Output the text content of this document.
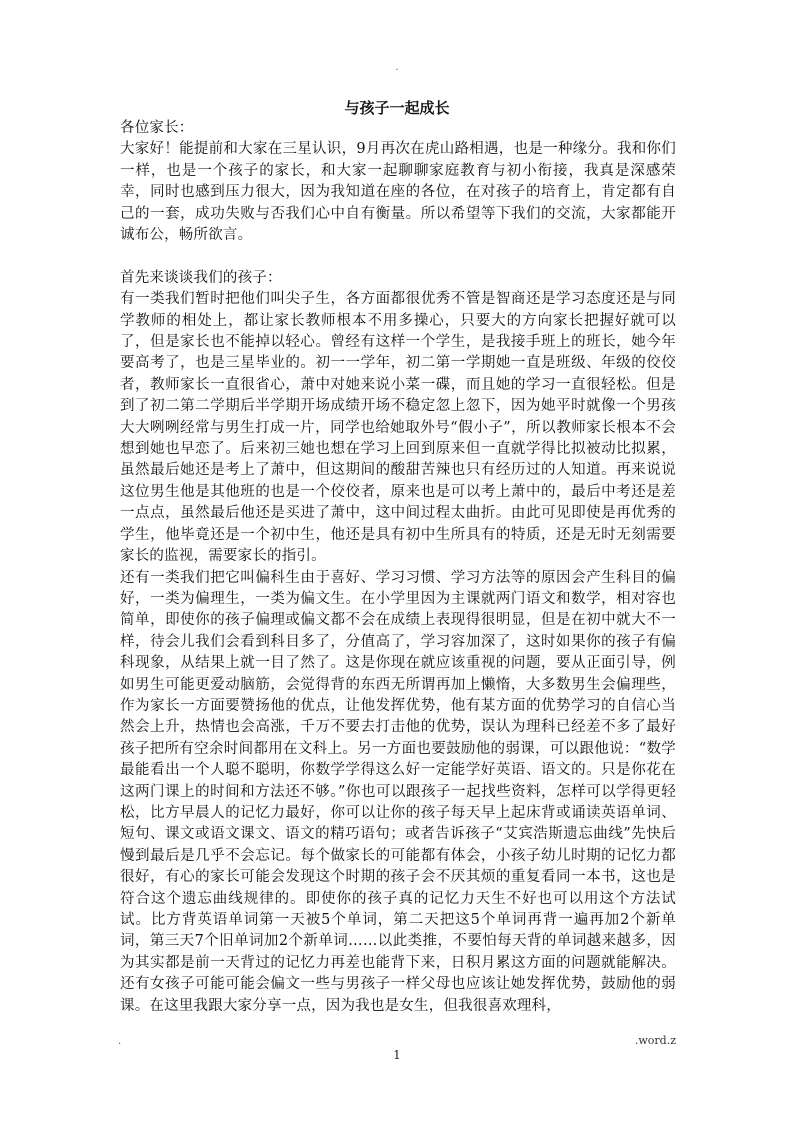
.
与孩子一起成长

各位家长：

大家好！能提前和大家在三星认识，9月再次在虎山路相遇，也是一种缘分。我和你们一样，也是一个孩子的家长，和大家一起聊聊家庭教育与初小衔接，我真是深感荣幸，同时也感到压力很大，因为我知道在座的各位，在对孩子的培育上，肯定都有自己的一套，成功失败与否我们心中自有衡量。所以希望等下我们的交流，大家都能开诚布公，畅所欲言。

首先来谈谈我们的孩子：

有一类我们暂时把他们叫尖子生，各方面都很优秀不管是智商还是学习态度还是与同学教师的相处上，都让家长教师根本不用多操心，只要大的方向家长把握好就可以了，但是家长也不能掉以轻心。曾经有这样一个学生，是我接手班上的班长，她今年要高考了，也是三星毕业的。初一一学年，初二第一学期她一直是班级、年级的佼佼者，教师家长一直很省心，萧中对她来说小菜一碟，而且她的学习一直很轻松。但是到了初二第二学期后半学期开场成绩开场不稳定忽上忽下，因为她平时就像一个男孩大大咧咧经常与男生打成一片，同学也给她取外号“假小子”，所以教师家长根本不会想到她也早恋了。后来初三她也想在学习上回到原来但一直就学得比拟被动比拟累，虽然最后她还是考上了萧中，但这期间的酸甜苦辣也只有经历过的人知道。再来说说这位男生他是其他班的也是一个佼佼者，原来也是可以考上萧中的，最后中考还是差一点点，虽然最后他还是买进了萧中，这中间过程太曲折。由此可见即使是再优秀的学生，他毕竟还是一个初中生，他还是具有初中生所具有的特质，还是无时无刻需要家长的监视，需要家长的指引。

还有一类我们把它叫偏科生由于喜好、学习习惯、学习方法等的原因会产生科目的偏好，一类为偏理生，一类为偏文生。在小学里因为主课就两门语文和数学，相对容也简单，即使你的孩子偏理或偏文都不会在成绩上表现得很明显，但是在初中就大不一样，待会儿我们会看到科目多了，分值高了，学习容加深了，这时如果你的孩子有偏科现象，从结果上就一目了然了。这是你现在就应该重视的问题，要从正面引导，例如男生可能更爱动脑筋，会觉得背的东西无所谓再加上懒惰，大多数男生会偏理些，作为家长一方面要赞扬他的优点，让他发挥优势，他有某方面的优势学习的自信心当然会上升，热情也会高涨，千万不要去打击他的优势，误认为理科已经差不多了最好孩子把所有空余时间都用在文科上。另一方面也要鼓励他的弱课，可以跟他说：“数学最能看出一个人聪不聪明，你数学学得这么好一定能学好英语、语文的。只是你花在这两门课上的时间和方法还不够。”你也可以跟孩子一起找些资料，怎样可以学得更轻松，比方早晨人的记忆力最好，你可以让你的孩子每天早上起床背或诵读英语单词、短句、课文或语文课文、语文的精巧语句；或者告诉孩子“艾宾浩斯遗忘曲线”先快后慢到最后是几乎不会忘记。每个做家长的可能都有体会，小孩子幼儿时期的记忆力都很好，有心的家长可能会发现这个时期的孩子会不厌其烦的重复看同一本书，这也是符合这个遗忘曲线规律的。即使你的孩子真的记忆力天生不好也可以用这个方法试试。比方背英语单词第一天被5个单词，第二天把这5个单词再背一遍再加2个新单词，第三天7个旧单词加2个新单词……以此类推，不要怕每天背的单词越来越多，因为其实都是前一天背过的记忆力再差也能背下来，日积月累这方面的问题就能解决。还有女孩子可能可能会偏文一些与男孩子一样父母也应该让她发挥优势，鼓励他的弱课。在这里我跟大家分享一点，因为我也是女生，但我很喜欢理科，

.	.word.z
1
